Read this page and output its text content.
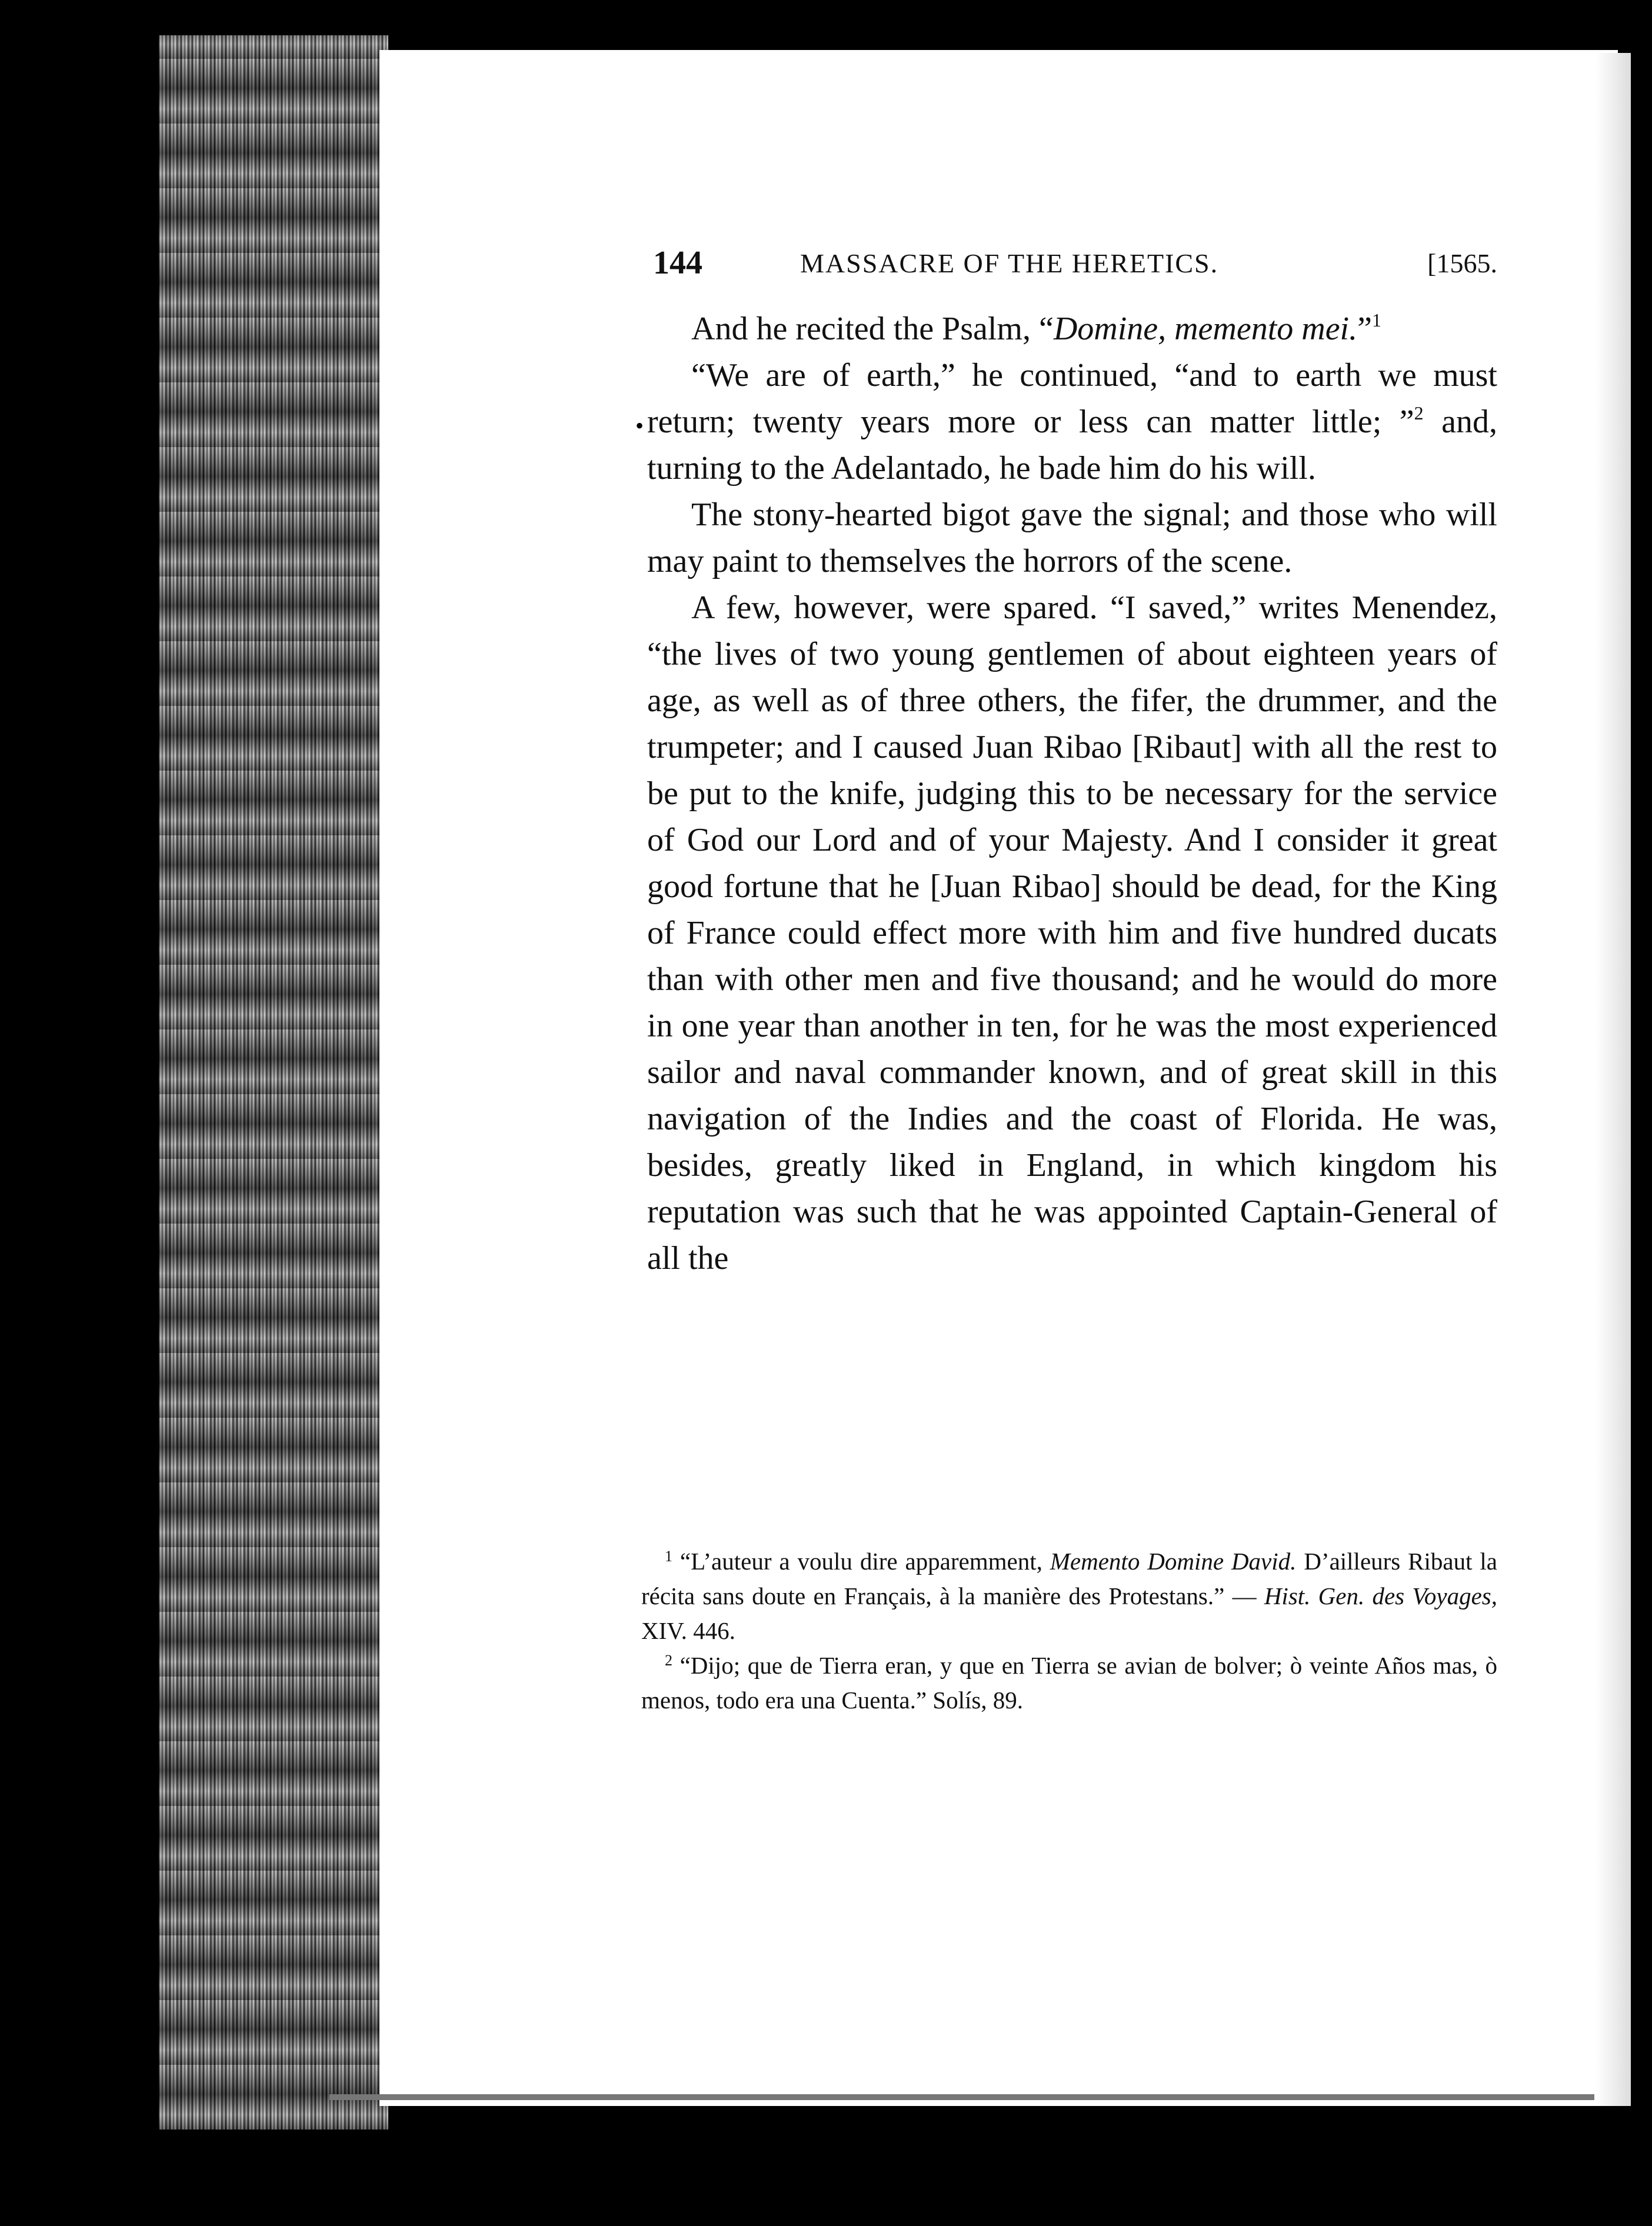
144	MASSACRE OF THE HERETICS.	[1565.
•

And he recited the Psalm, “Domine, memento mei.”$^1$

“We are of earth,” he continued, “and to earth we must return; twenty years more or less can matter little; ”$^2$ and, turning to the Adelantado, he bade him do his will.

The stony-hearted bigot gave the signal; and those who will may paint to themselves the horrors of the scene.

A few, however, were spared. “I saved,” writes Menendez, “the lives of two young gentlemen of about eighteen years of age, as well as of three others, the fifer, the drummer, and the trumpeter; and I caused Juan Ribao [Ribaut] with all the rest to be put to the knife, judging this to be necessary for the service of God our Lord and of your Majesty. And I consider it great good fortune that he [Juan Ribao] should be dead, for the King of France could effect more with him and five hundred ducats than with other men and five thousand; and he would do more in one year than another in ten, for he was the most experienced sailor and naval commander known, and of great skill in this navigation of the Indies and the coast of Florida. He was, besides, greatly liked in England, in which kingdom his reputation was such that he was appointed Captain-General of all the

$^1$ “L’auteur a voulu dire apparemment, Memento Domine David. D’ailleurs Ribaut la récita sans doute en Français, à la manière des Protestans.” — Hist. Gen. des Voyages, XIV. 446.

$^2$ “Dijo; que de Tierra eran, y que en Tierra se avian de bolver; ò veinte Años mas, ò menos, todo era una Cuenta.” Solís, 89.
